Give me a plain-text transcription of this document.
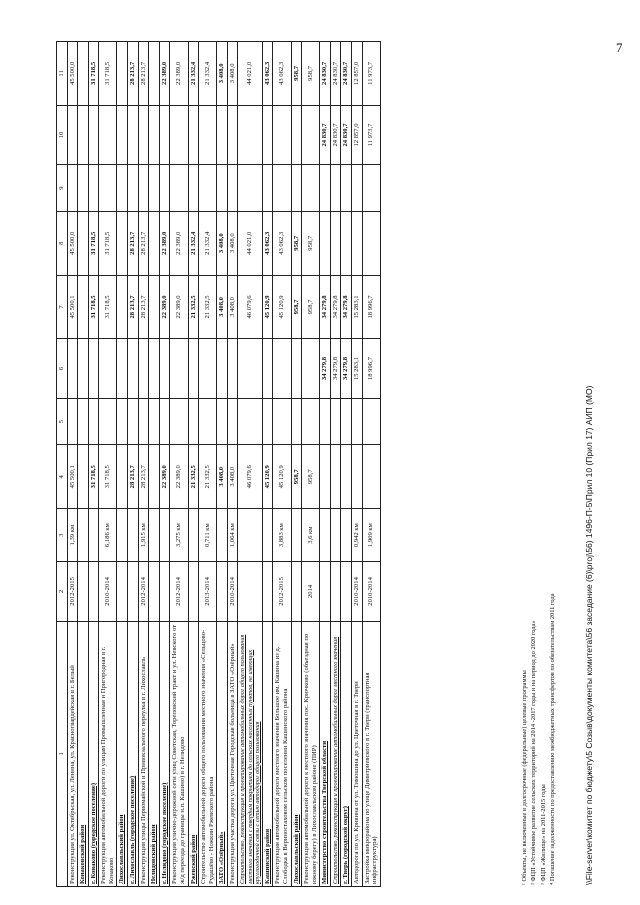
7
1	2	3	4	5	6	7	8	9	10	11
Реконструкция ул. Октябрьская, ул. Ленина, ул. Красногвардейская в г. Белый	2012-2015	1,39 км	45 500,1			45 500,1	45 500,0			45 500,0
Конаковский район										
г. Конаково (городское поселение)			31 718,5			31 718,5	31 718,5			31 718,5
Реконструкция автомобильной дороги по улицам Промышленная и Пригородная в г. Конаково	2010-2014	6,186 км	31 718,5			31 718,5	31 718,5			31 718,5
Лихославльский район										
г. Лихославль (городское поселение)			28 213,7			28 213,7	28 213,7			28 213,7
Реконструкция улицы Первомайской и Привокзального переулка в г. Лихославль	2012-2014	1,915 км	28 213,7			28 213,7	28 213,7			28 213,7
Нелидовский район										
г. Нелидово (городское поселение)			22 389,0			22 389,0	22 389,0			22 389,0
Реконструкция улично-дорожной сети улиц Советская, Тореповский тракт и ул. Невского от ж/д переезда до границы н.п. Кашино) в г. Нелидово	2012-2014	3,275 км	22 389,0			22 389,0	22 389,0			22 389,0
Ржевский район			21 332,5			21 332,5	21 332,4			21 332,4
Строительство автомобильной дороги общего пользования местного значения «Сельцово-Рудашёво - Ножкин Ржевского района	2013-2014	0,711 км	21 332,5			21 332,5	21 332,4			21 332,4
ЗАТО «Озёрный»			3 408,0			3 408,0	3 408,0			3 408,0
Реконструкция участка дороги ул. Цветочная Городская больница в ЗАТО «Озёрный»	2010-2014	1,064 км	3 408,0			3 408,0	3 408,0			3 408,0
Строительство, реконструкция и проектирование автомобильных дорог общего пользования местного значения с твердым покрытием до сельских населенных пунктов, не имеющих круглогодичной связи с сетью автодорог общего пользования			46 079,6			46 079,6	44 021,0			44 021,0
Кашинский район			45 120,9			45 120,9	43 062,3			43 062,3
Реконструкция автомобильной дороги местного значения Большое им. Кашина из д. Слободка в Вериностаховом сельском поселении Кашинского района	2012-2015	3,883 км	45 120,9			45 120,9	43 062,3			43 062,3
Лихославльский район			958,7			958,7	958,7			958,7
Реконструкция автомобильной дороги к местного значения пос. Крючково (объездная по южному берегу) в Лихославльском районе (ПИР)	2014	3,6 км	958,7			958,7	958,7			958,7
Министерство строительства Тверской области					34 279,8	34 279,8			24 830,7	24 830,7
Строительство, реконструкция и проектирование автомобильных дорог местного значения					34 279,8	34 279,8			24 830,7	24 830,7
г. Тверь (городской округ)					34 279,8	34 279,8			24 830,7	24 830,7
Автодорога по ул. Кривина от ул. Тимошина до ул. Цветочная в г. Твери	2010-2014	0,942 км			15 283,1	15 283,1			12 857,0	12 857,0
Застройка микрорайона по улице Димитриевского в г. Твери (транспортная инфраструктура)	2010-2014	1,909 км			18 996,7	18 996,7			11 973,7	11 973,7

¹ Объекты, не включенные в долгосрочные (федеральные) целевые программы ² ФЦП «Устойчивое развитие сельских территорий на 2014 -2017 годы и на период до 2020 года» ³ ФЦП «Жилище» на 2011-2015 годы ⁴ Погашение задолженности по предоставлению межбюджетных трансфертов по обязательствам 2011 года	\\File-server\комитет по бюджету\5 Созыв\документы комитета\56 заседание (6)\proj\56) 1496-П-5\Прил 10 (Прил 17) АИП (МО)
